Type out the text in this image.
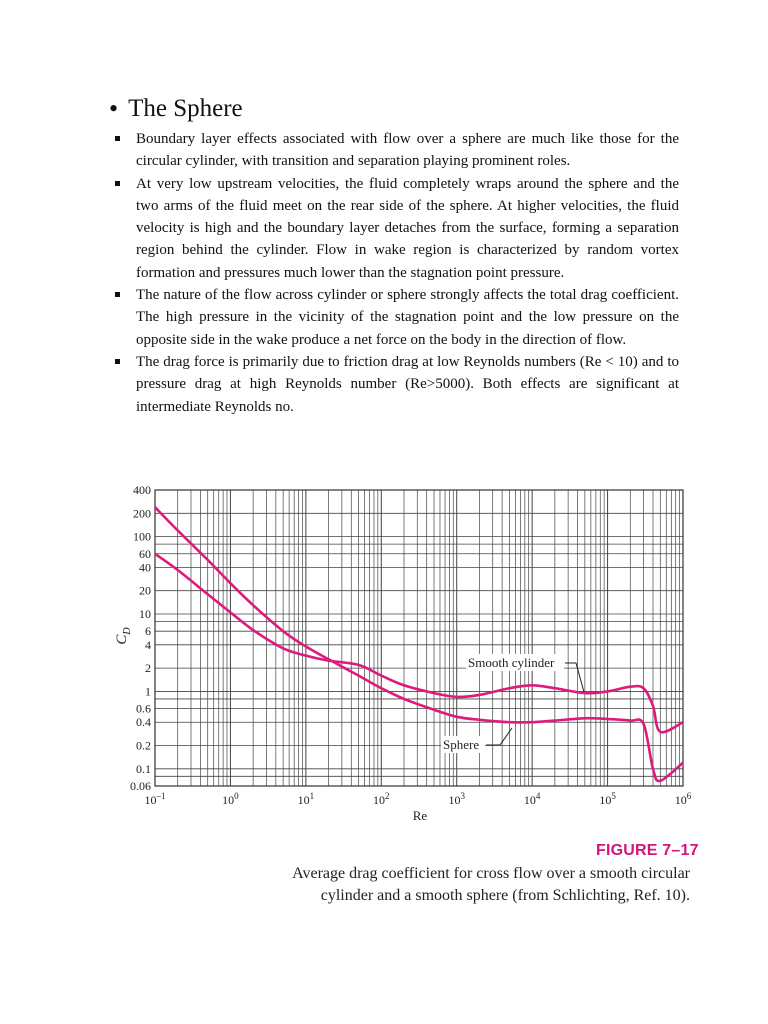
• The Sphere
Boundary layer effects associated with flow over a sphere are much like those for the circular cylinder, with transition and separation playing prominent roles.
At very low upstream velocities, the fluid completely wraps around the sphere and the two arms of the fluid meet on the rear side of the sphere. At higher velocities, the fluid velocity is high and the boundary layer detaches from the surface, forming a separation region behind the cylinder. Flow in wake region is characterized by random vortex formation and pressures much lower than the stagnation point pressure.
The nature of the flow across cylinder or sphere strongly affects the total drag coefficient. The high pressure in the vicinity of the stagnation point and the low pressure on the opposite side in the wake produce a net force on the body in the direction of flow.
The drag force is primarily due to friction drag at low Reynolds numbers (Re < 10) and to pressure drag at high Reynolds number (Re>5000). Both effects are significant at intermediate Reynolds no.
$10^{-1}$	$10^0$	$10^1$	$10^2$	$10^3$	$10^4$	$10^5$	$10^6$
400
200
100
60
40
20
10
6
4
2
1
0.6
0.4
0.2
0.1
0.06
Re
$C_D$
Smooth cylinder
Sphere
FIGURE 7–17
Average drag coefficient for cross flow over a smooth circular
cylinder and a smooth sphere (from Schlichting, Ref. 10).
